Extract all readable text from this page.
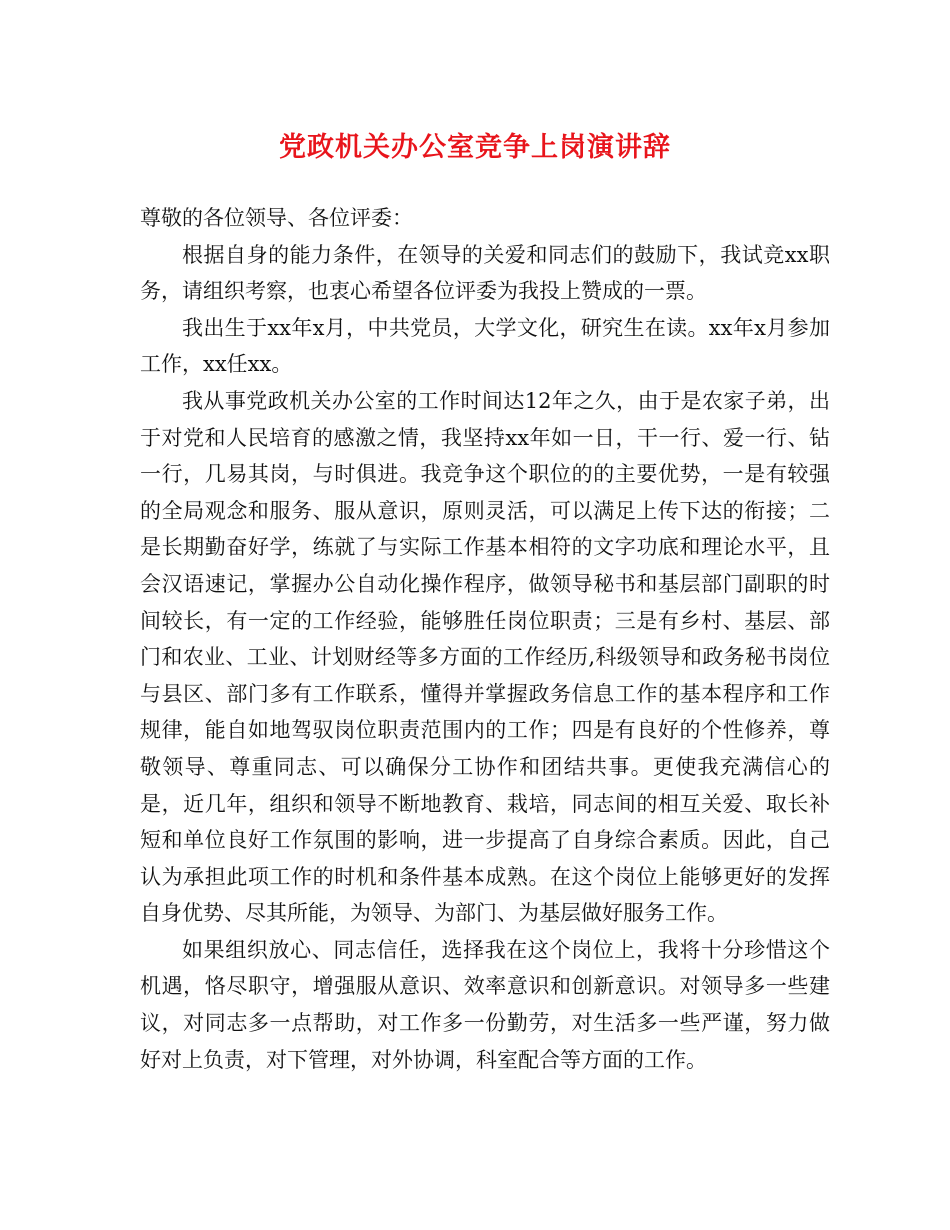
党政机关办公室竞争上岗演讲辞

尊敬的各位领导、各位评委：

根据自身的能力条件，在领导的关爱和同志们的鼓励下，我试竞xx职务，请组织考察，也衷心希望各位评委为我投上赞成的一票。

我出生于xx年x月，中共党员，大学文化，研究生在读。xx年x月参加工作，xx任xx。

我从事党政机关办公室的工作时间达12年之久，由于是农家子弟，出于对党和人民培育的感激之情，我坚持xx年如一日，干一行、爱一行、钻一行，几易其岗，与时俱进。我竞争这个职位的的主要优势，一是有较强的全局观念和服务、服从意识，原则灵活，可以满足上传下达的衔接；二是长期勤奋好学，练就了与实际工作基本相符的文字功底和理论水平，且会汉语速记，掌握办公自动化操作程序，做领导秘书和基层部门副职的时间较长，有一定的工作经验，能够胜任岗位职责；三是有乡村、基层、部门和农业、工业、计划财经等多方面的工作经历,科级领导和政务秘书岗位与县区、部门多有工作联系，懂得并掌握政务信息工作的基本程序和工作规律，能自如地驾驭岗位职责范围内的工作；四是有良好的个性修养，尊敬领导、尊重同志、可以确保分工协作和团结共事。更使我充满信心的是，近几年，组织和领导不断地教育、栽培，同志间的相互关爱、取长补短和单位良好工作氛围的影响，进一步提高了自身综合素质。因此，自己认为承担此项工作的时机和条件基本成熟。在这个岗位上能够更好的发挥自身优势、尽其所能，为领导、为部门、为基层做好服务工作。

如果组织放心、同志信任，选择我在这个岗位上，我将十分珍惜这个机遇，恪尽职守，增强服从意识、效率意识和创新意识。对领导多一些建议，对同志多一点帮助，对工作多一份勤劳，对生活多一些严谨，努力做好对上负责，对下管理，对外协调，科室配合等方面的工作。
